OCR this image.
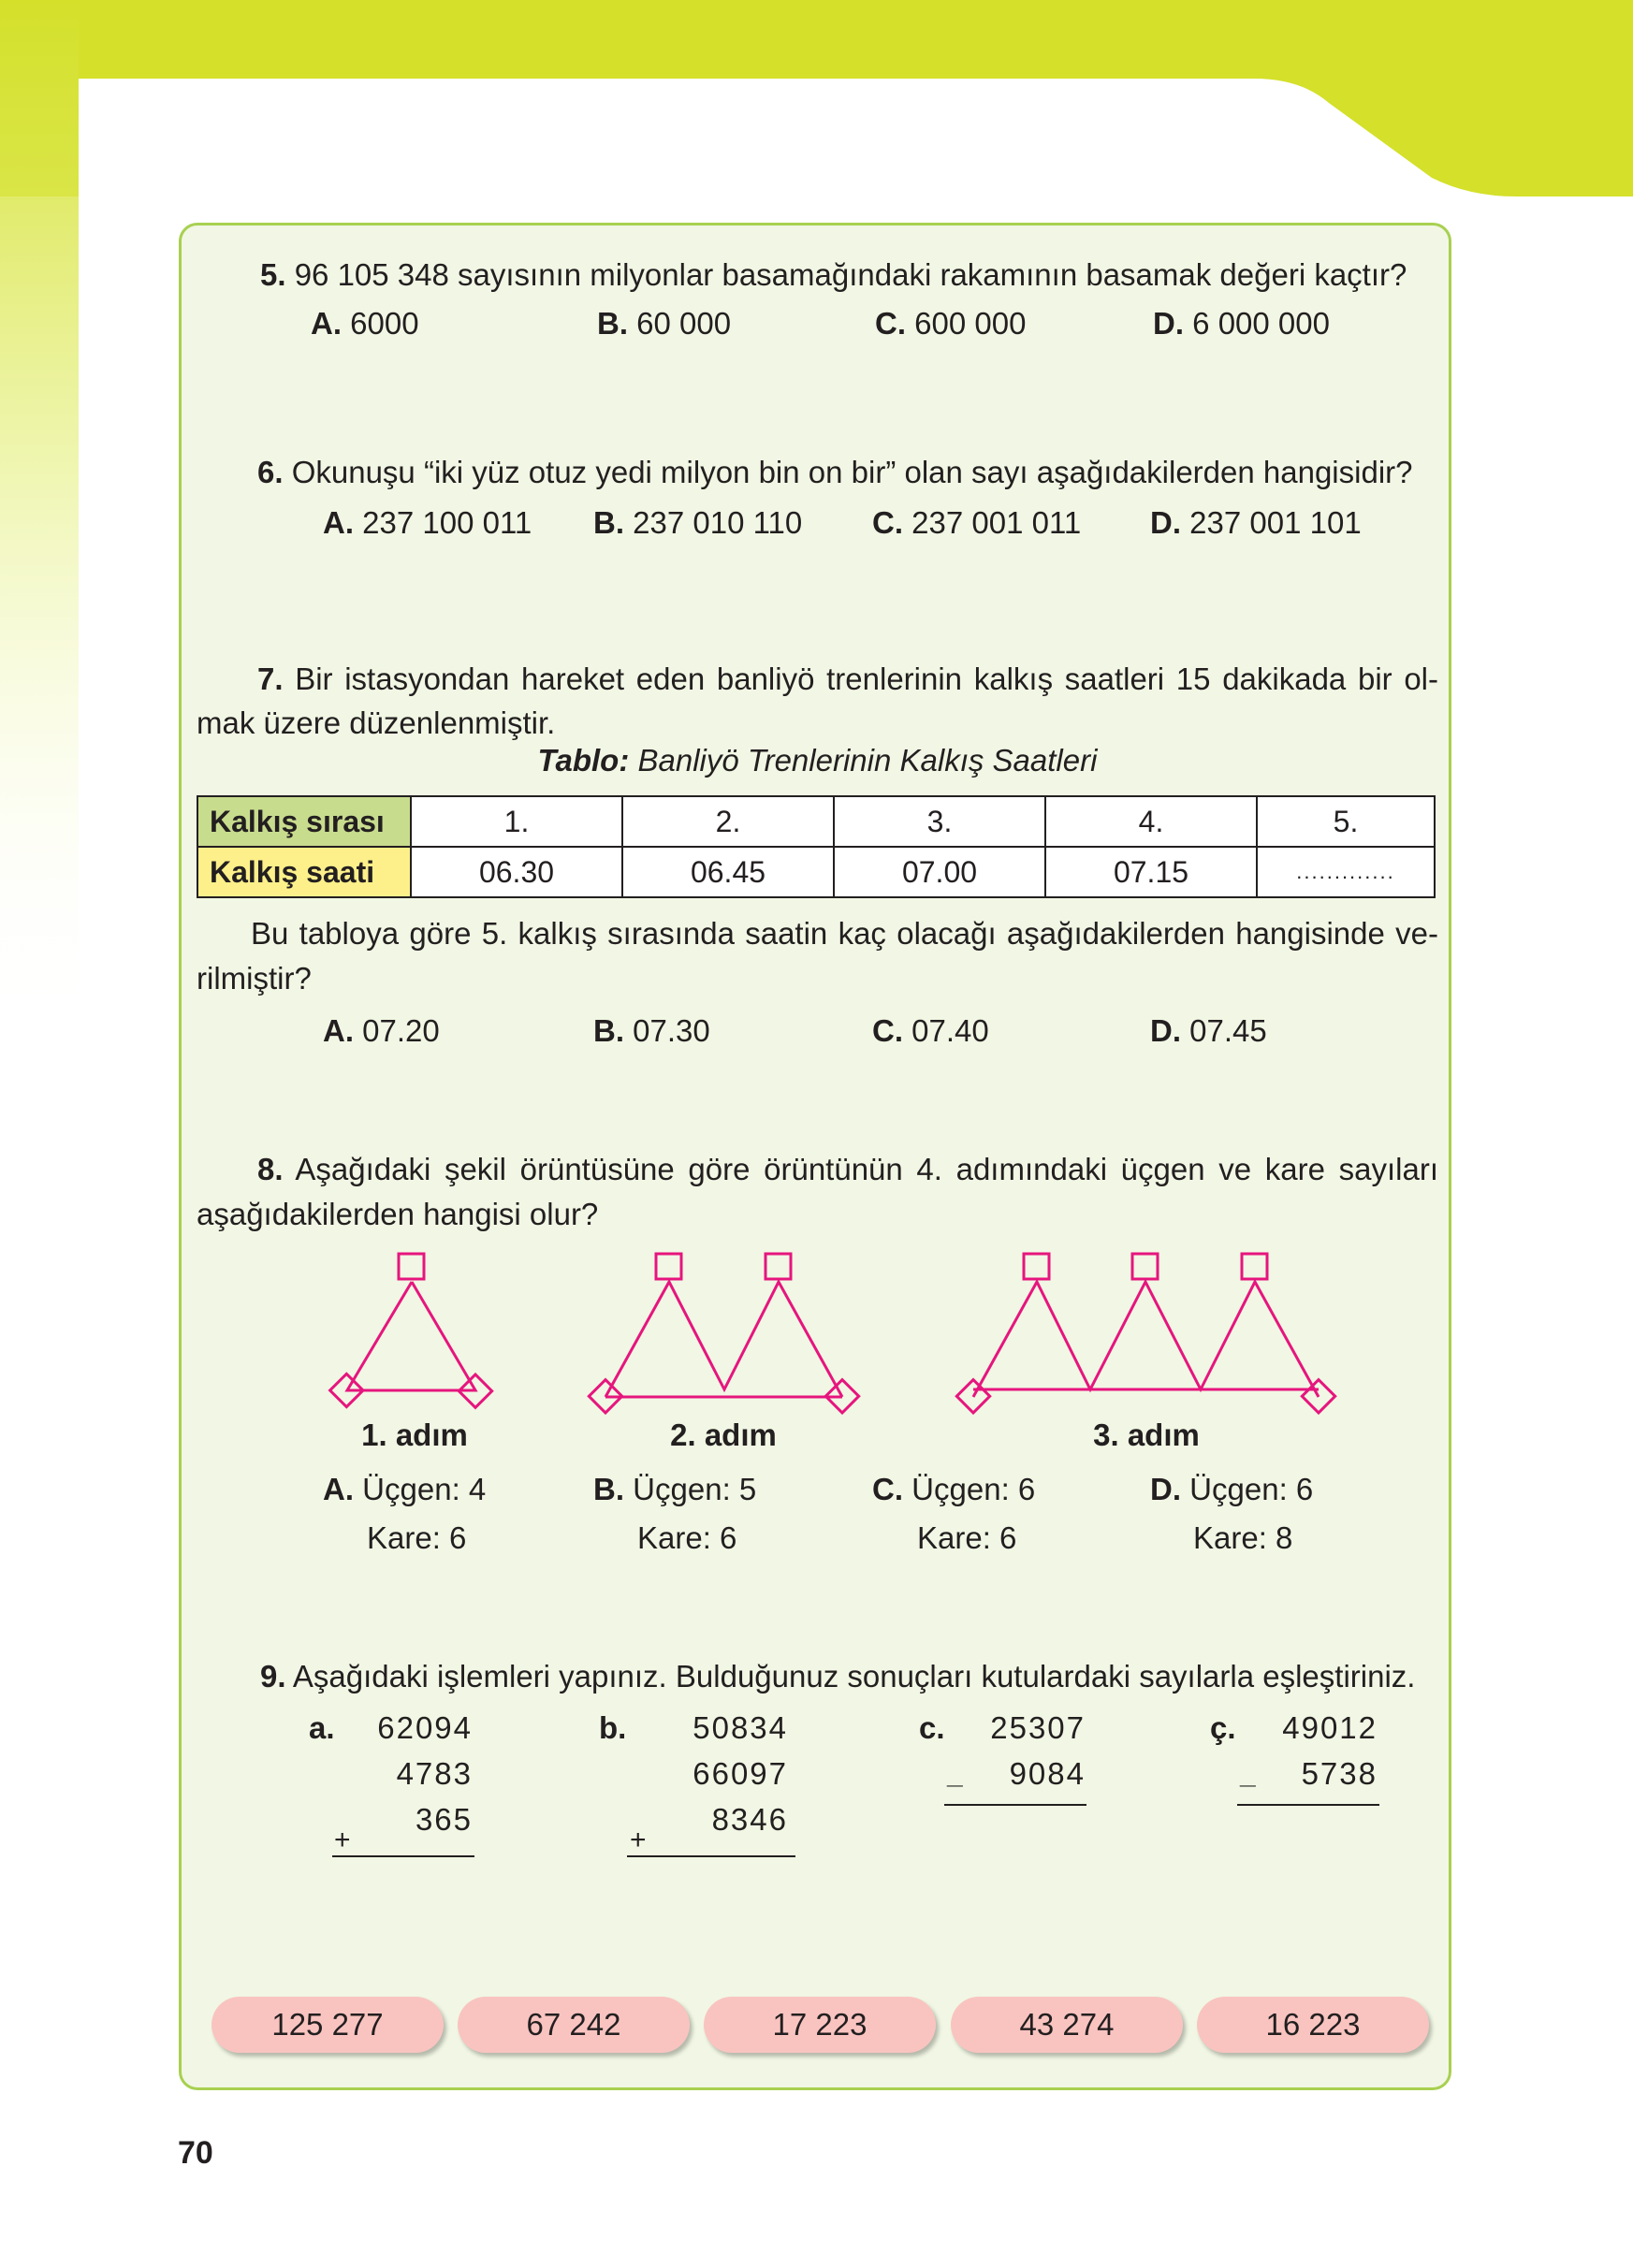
5. 96 105 348 sayısının milyonlar basamağındaki rakamının basamak değeri kaçtır?
A. 6000	B. 60 000	C. 600 000	D. 6 000 000
6. Okunuşu “iki yüz otuz yedi milyon bin on bir” olan sayı aşağıdakilerden hangisidir?
A. 237 100 011 B. 237 010 110 C. 237 001 011 D. 237 001 101
7. Bir istasyondan hareket eden banliyö trenlerinin kalkış saatleri 15 dakikada bir ol-
mak üzere düzenlenmiştir.
Tablo: Banliyö Trenlerinin Kalkış Saatleri
Kalkış sırası	1.	2.	3.	4.	5.
Kalkış saati	06.30	06.45	07.00	07.15	.............
Bu tabloya göre 5. kalkış sırasında saatin kaç olacağı aşağıdakilerden hangisinde ve-
rilmiştir?
A. 07.20	B. 07.30	C. 07.40	D. 07.45
8. Aşağıdaki şekil örüntüsüne göre örüntünün 4. adımındaki üçgen ve kare sayıları
aşağıdakilerden hangisi olur?
1. adım	2. adım	3. adım
A. Üçgen: 4
Kare: 6
B. Üçgen: 5
Kare: 6
C. Üçgen: 6
Kare: 6
D. Üçgen: 6
Kare: 8
9. Aşağıdaki işlemleri yapınız. Bulduğunuz sonuçları kutulardaki sayılarla eşleştiriniz.
a. 62094
4783
365
+
b.	50834
66097
8346
+
c.	25307
9084
_
ç.	49012
5738
_
125 277	67 242	17 223	43 274	16 223
70
